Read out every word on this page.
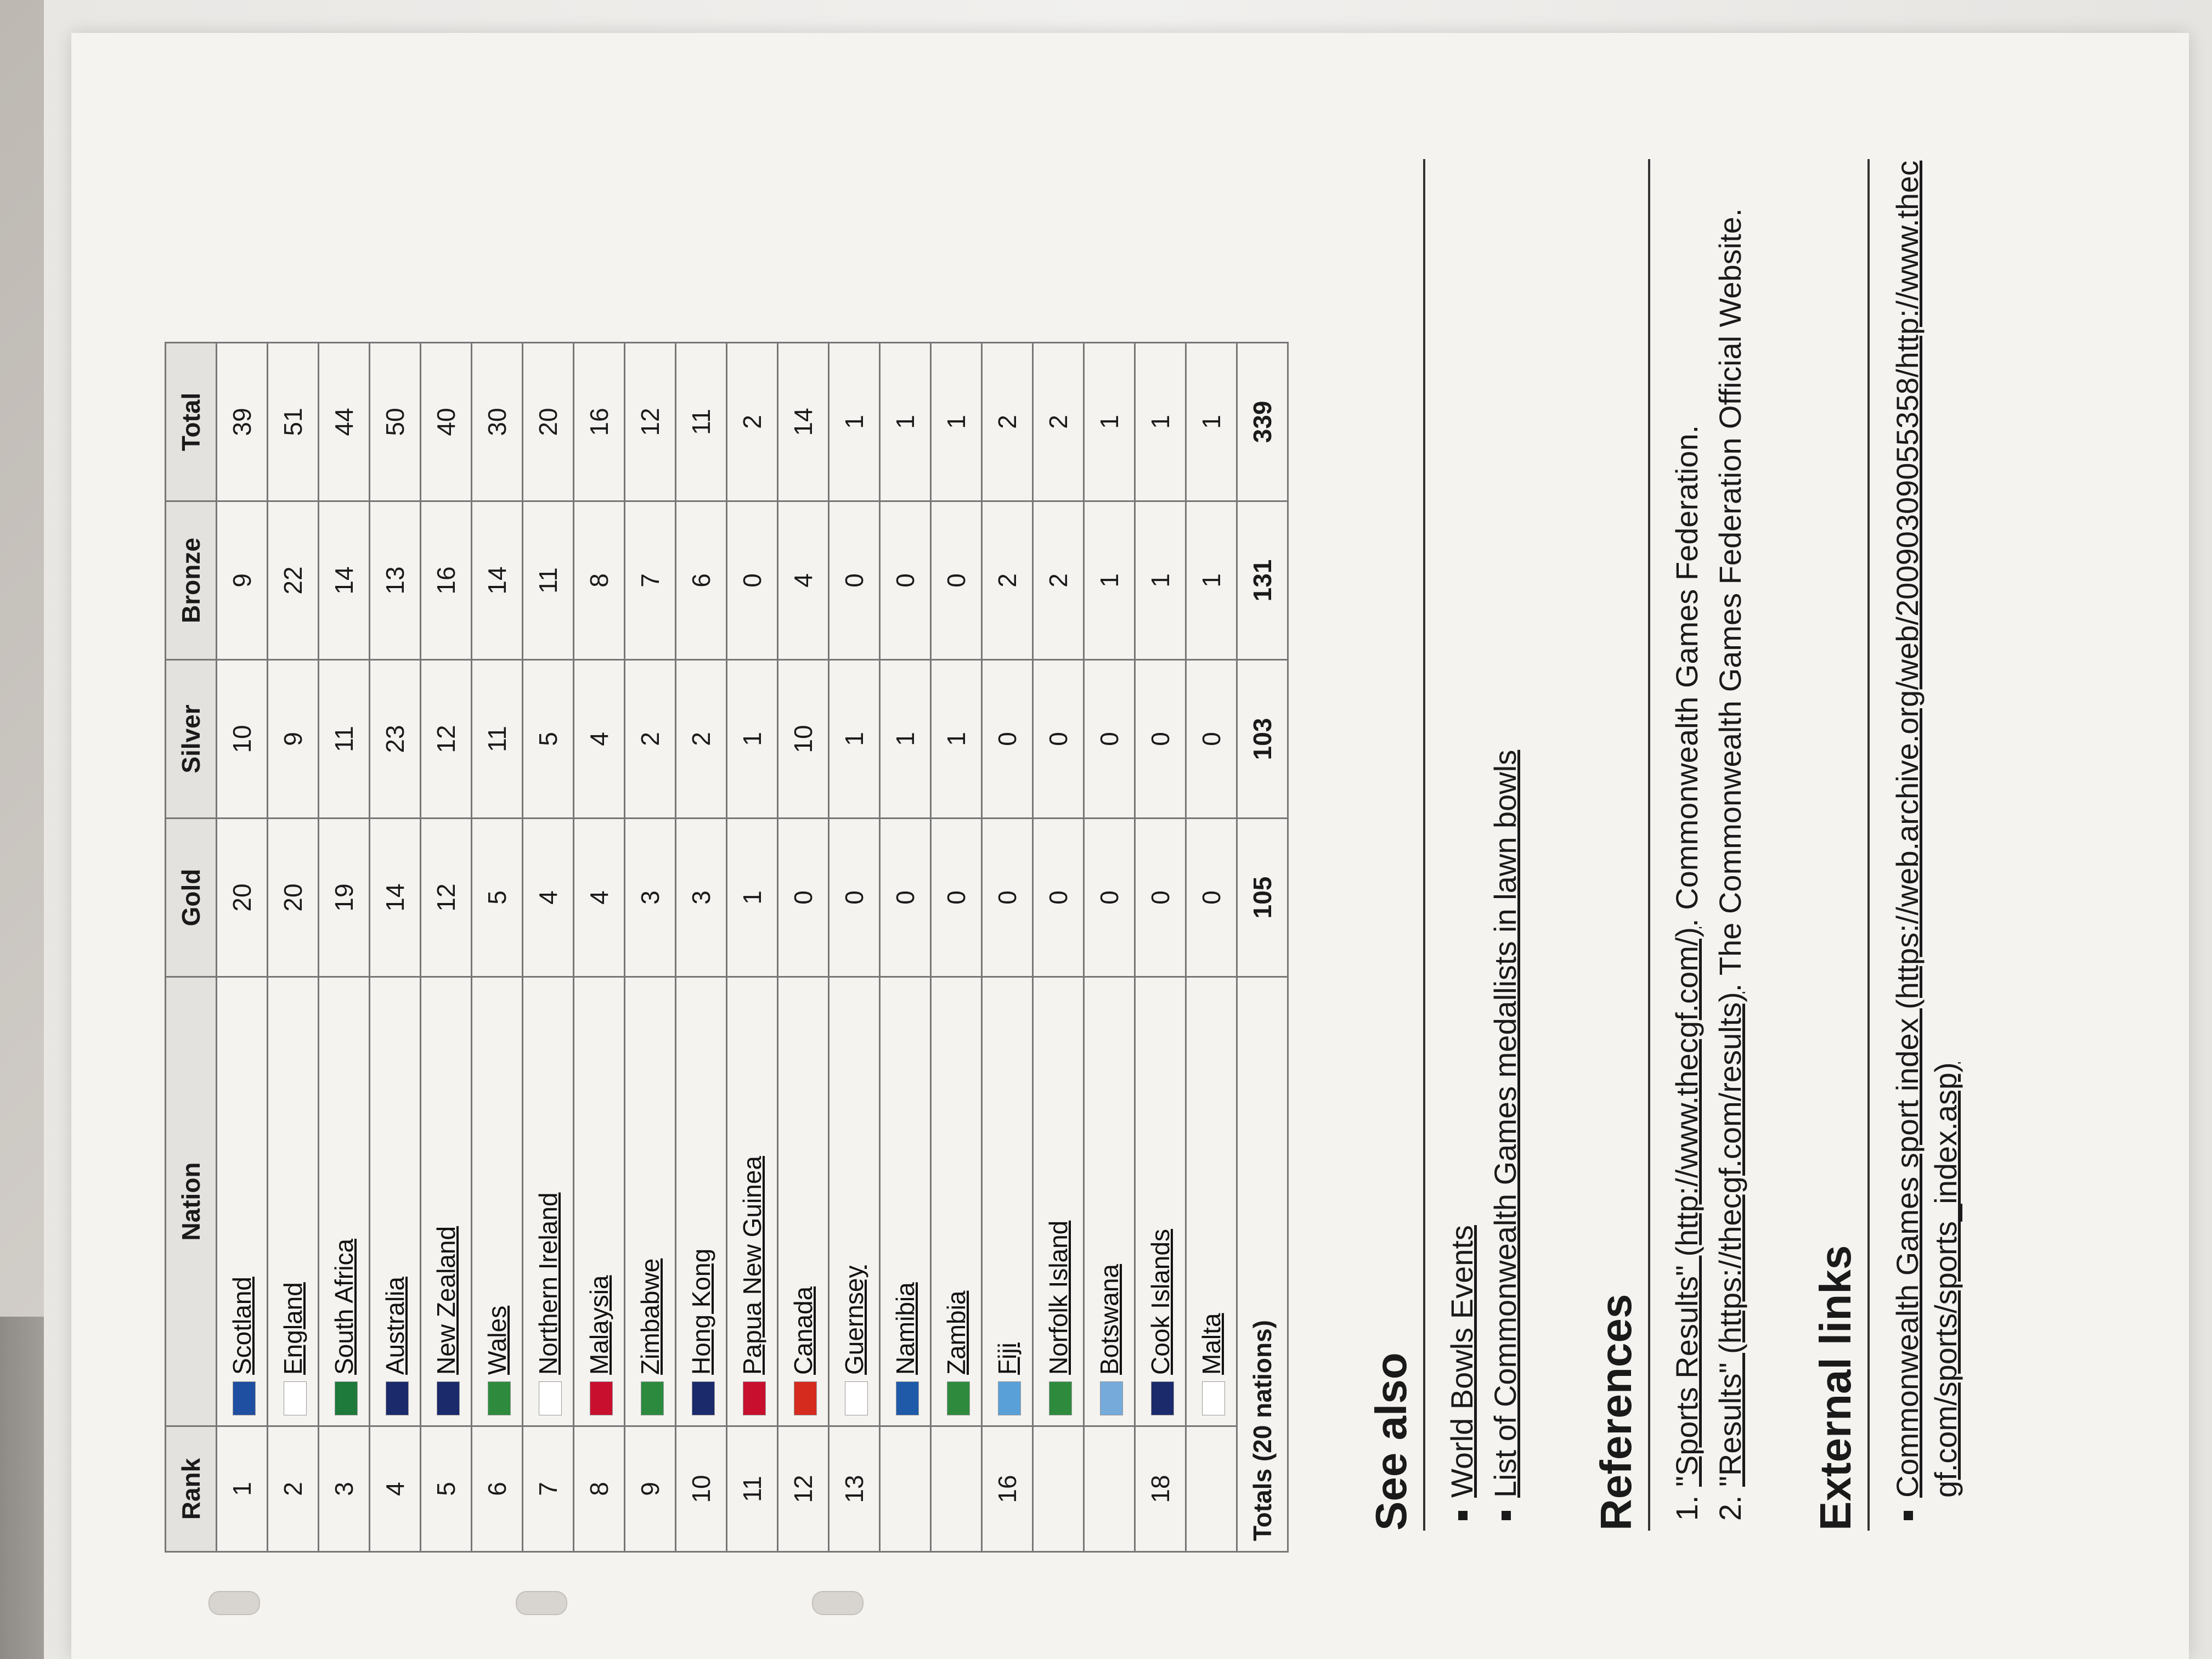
Rank	Nation	Gold	Silver	Bronze	Total
1	Scotland	20	10	9	39
2	England	20	9	22	51
3	South Africa	19	11	14	44
4	Australia	14	23	13	50
5	New Zealand	12	12	16	40
6	Wales	5	11	14	30
7	Northern Ireland	4	5	11	20
8	Malaysia	4	4	8	16
9	Zimbabwe	3	2	7	12
10	Hong Kong	3	2	6	11
11	Papua New Guinea	1	1	0	2
12	Canada	0	10	4	14
13	Guernsey	0	1	0	1
	Namibia	0	1	0	1
	Zambia	0	1	0	1
16	Fiji	0	0	2	2
	Norfolk Island	0	0	2	2
	Botswana	0	0	1	1
18	Cook Islands	0	0	1	1
	Malta	0	0	1	1
Totals (20 nations)		105	103	131	339
See also ▪ World Bowls Events ▪ List of Commonwealth Games medallists in lawn bowls References 1. "Sports Results" (http://www.thecgf.com/). Commonwealth Games Federation.
2. "Results" (https://thecgf.com/results). The Commonwealth Games Federation Official Website.
External links ▪ Commonwealth Games sport index (https://web.archive.org/web/20090309055358/http://www.thecgf.com/sports/sports_index.asp)
